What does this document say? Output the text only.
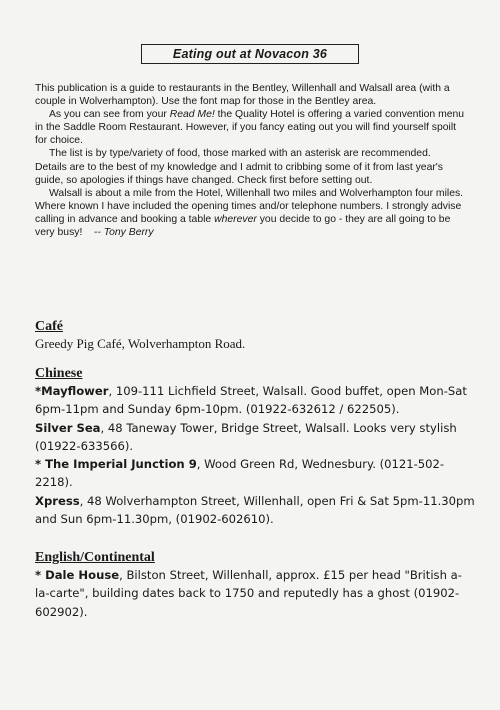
Eating out at Novacon 36

This publication is a guide to restaurants in the Bentley, Willenhall and Walsall area (with a couple in Wolverhampton). Use the font map for those in the Bentley area.

As you can see from your Read Me! the Quality Hotel is offering a varied convention menu in the Saddle Room Restaurant. However, if you fancy eating out you will find yourself spoilt for choice.

The list is by type/variety of food, those marked with an asterisk are recommended. Details are to the best of my knowledge and I admit to cribbing some of it from last year's guide, so apologies if things have changed. Check first before setting out.

Walsall is about a mile from the Hotel, Willenhall two miles and Wolverhampton four miles. Where known I have included the opening times and/or telephone numbers. I strongly advise calling in advance and booking a table wherever you decide to go - they are all going to be very busy! -- Tony Berry

Café
Greedy Pig Café, Wolverhampton Road.
Chinese

*Mayflower, 109-111 Lichfield Street, Walsall. Good buffet, open Mon-Sat 6pm-11pm and Sunday 6pm-10pm. (01922-632612 / 622505).

Silver Sea, 48 Taneway Tower, Bridge Street, Walsall. Looks very stylish (01922-633566).

* The Imperial Junction 9, Wood Green Rd, Wednesbury. (0121-502-2218).

Xpress, 48 Wolverhampton Street, Willenhall, open Fri & Sat 5pm-11.30pm and Sun 6pm-11.30pm, (01902-602610).

English/Continental

* Dale House, Bilston Street, Willenhall, approx. £15 per head "British a-la-carte", building dates back to 1750 and reputedly has a ghost (01902-602902).
